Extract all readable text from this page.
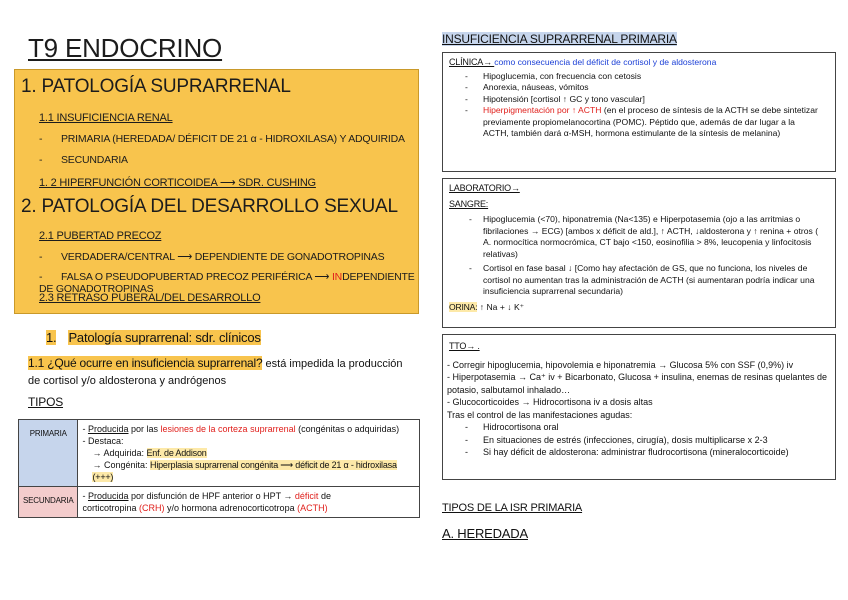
T9 ENDOCRINO
1. PATOLOGÍA SUPRARRENAL
1.1 INSUFICIENCIA RENAL
- PRIMARIA (HEREDADA/ DÉFICIT DE 21 α - HIDROXILASA) Y ADQUIRIDA
- SECUNDARIA
1. 2 HIPERFUNCIÓN CORTICOIDEA ⟶ SDR. CUSHING
2. PATOLOGÍA DEL DESARROLLO SEXUAL
2.1 PUBERTAD PRECOZ
- VERDADERA/CENTRAL ⟶ DEPENDIENTE DE GONADOTROPINAS
- FALSA O PSEUDOPUBERTAD PRECOZ PERIFÉRICA ⟶ INDEPENDIENTE DE GONADOTROPINAS
2.3 RETRASO PUBERAL/DEL DESARROLLO
1. Patología suprarrenal: sdr. clínicos
1.1 ¿Qué ocurre en insuficiencia suprarrenal? está impedida la producción de cortisol y/o aldosterona y andrógenos
TIPOS
PRIMARIA	- Producida por las lesiones de la corteza suprarrenal (congénitas o adquiridas)
- Destaca:
→ Adquirida: Enf. de Addison
→ Congénita: Hiperplasia suprarrenal congénita ⟶ déficit de 21 α - hidroxilasa (+++)

SECUNDARIA	- Producida por disfunción de HPF anterior o HPT → déficit de
corticotropina (CRH) y/o hormona adrenocorticotropa (ACTH)
INSUFICIENCIA SUPRARRENAL PRIMARIA
CLÍNICA→ como consecuencia del déficit de cortisol y de aldosterona
- Hipoglucemia, con frecuencia con cetosis
- Anorexia, náuseas, vómitos
- Hipotensión [cortisol ↑ GC y tono vascular]
- Hiperpigmentación por ↑ ACTH (en el proceso de síntesis de la ACTH se debe sintetizar previamente propiomelanocortina (POMC). Péptido que, además de dar lugar a la ACTH, también dará α-MSH, hormona estimulante de la síntesis de melanina)
LABORATORIO→
SANGRE:
- Hipoglucemia (<70), hiponatremia (Na<135) e Hiperpotasemia (ojo a las arritmias o fibrilaciones → ECG) [ambos x déficit de ald.], ↑ ACTH, ↓aldosterona y ↑ renina + otros ( A. normocítica normocrómica, CT bajo <150, eosinofilia > 8%, leucopenia y linfocitosis relativas)
- Cortisol en fase basal ↓ [Como hay afectación de GS, que no funciona, los niveles de cortisol no aumentan tras la administración de ACTH (si aumentaran podría indicar una insuficiencia suprarrenal secundaria)
ORINA: ↑ Na + ↓ K⁺
TTO→ .
- Corregir hipoglucemia, hipovolemia e hiponatremia → Glucosa 5% con SSF (0,9%) iv
- Hiperpotasemia → Ca⁺ iv + Bicarbonato, Glucosa + insulina, enemas de resinas quelantes de potasio, salbutamol inhalado…
- Glucocorticoides → Hidrocortisona iv a dosis altas
Tras el control de las manifestaciones agudas:
- Hidrocortisona oral
- En situaciones de estrés (infecciones, cirugía), dosis multiplicarse x 2-3
- Si hay déficit de aldosterona: administrar fludrocortisona (mineralocorticoide)
TIPOS DE LA ISR PRIMARIA
A. HEREDADA
